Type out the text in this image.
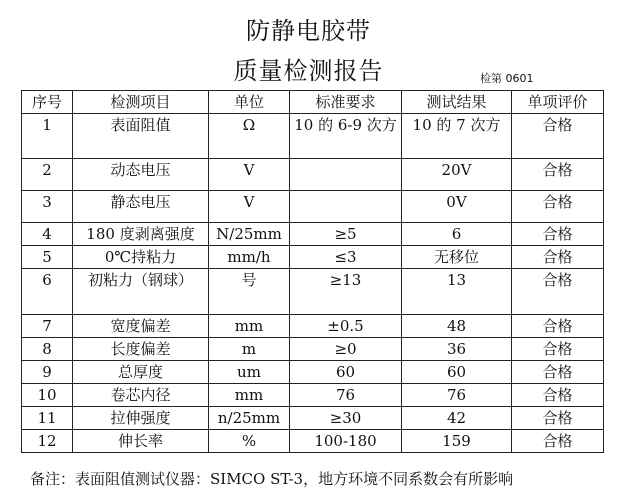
防静电胶带
质量检测报告	检第 0601
序号	检测项目	单位	标准要求	测试结果	单项评价
1	表面阻值	Ω	10 的 6-9 次方	10 的 7 次方	合格
2	动态电压	V		20V	合格
3	静态电压	V		0V	合格
4	180 度剥离强度	N/25mm	≥5	6	合格
5	0℃持粘力	mm/h	≤3	无移位	合格
6	初粘力（钢球）	号	≥13	13	合格
7	宽度偏差	mm	±0.5	48	合格
8	长度偏差	m	≥0	36	合格
9	总厚度	um	60	60	合格
10	卷芯内径	mm	76	76	合格
11	拉伸强度	n/25mm	≥30	42	合格
12	伸长率	%	100-180	159	合格
备注：表面阻值测试仪器：SIMCO ST-3，地方环境不同系数会有所影响
